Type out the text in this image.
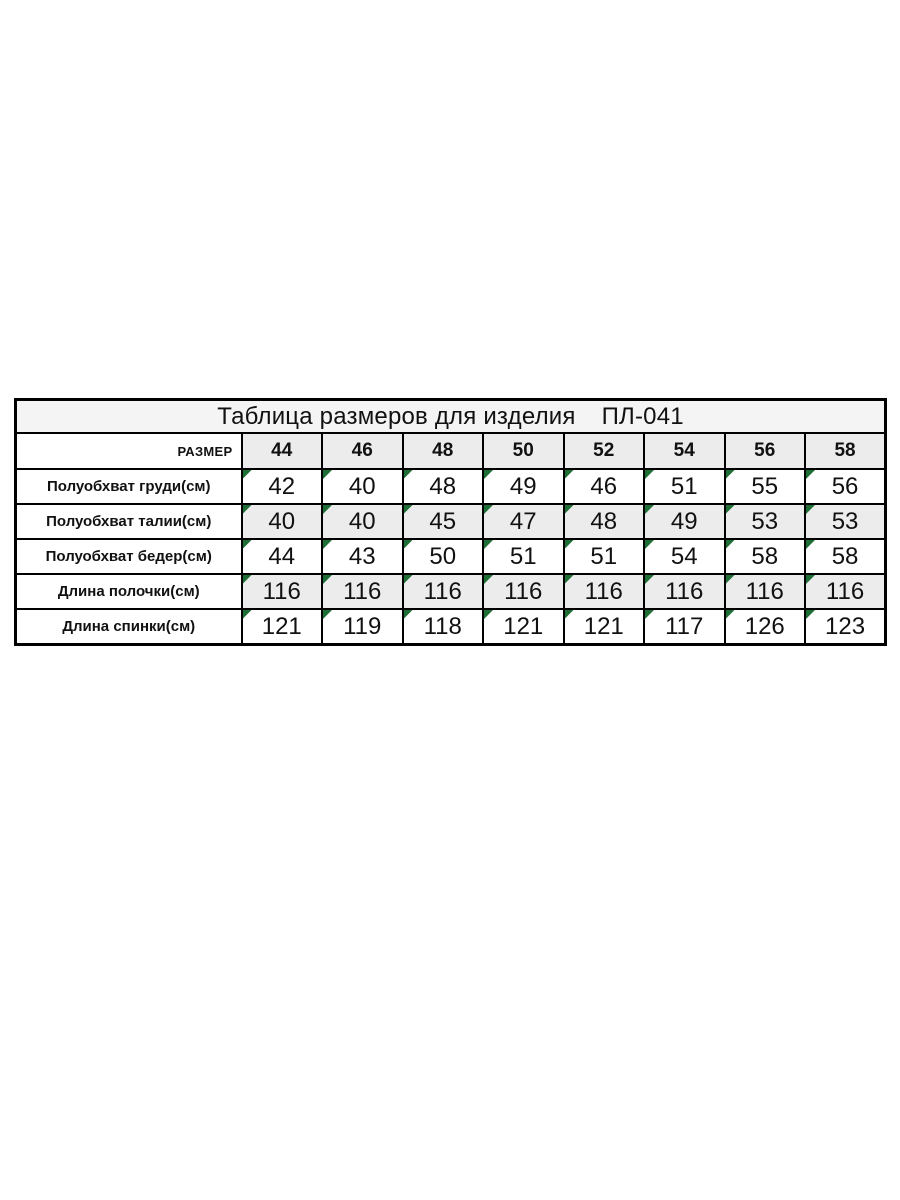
Таблица размеров для изделия ПЛ-041								
РАЗМЕР	44	46	48	50	52	54	56	58
Полуобхват груди(см)	42	40	48	49	46	51	55	56
Полуобхват талии(см)	40	40	45	47	48	49	53	53
Полуобхват бедер(см)	44	43	50	51	51	54	58	58
Длина полочки(см)	116	116	116	116	116	116	116	116
Длина спинки(см)	121	119	118	121	121	117	126	123
